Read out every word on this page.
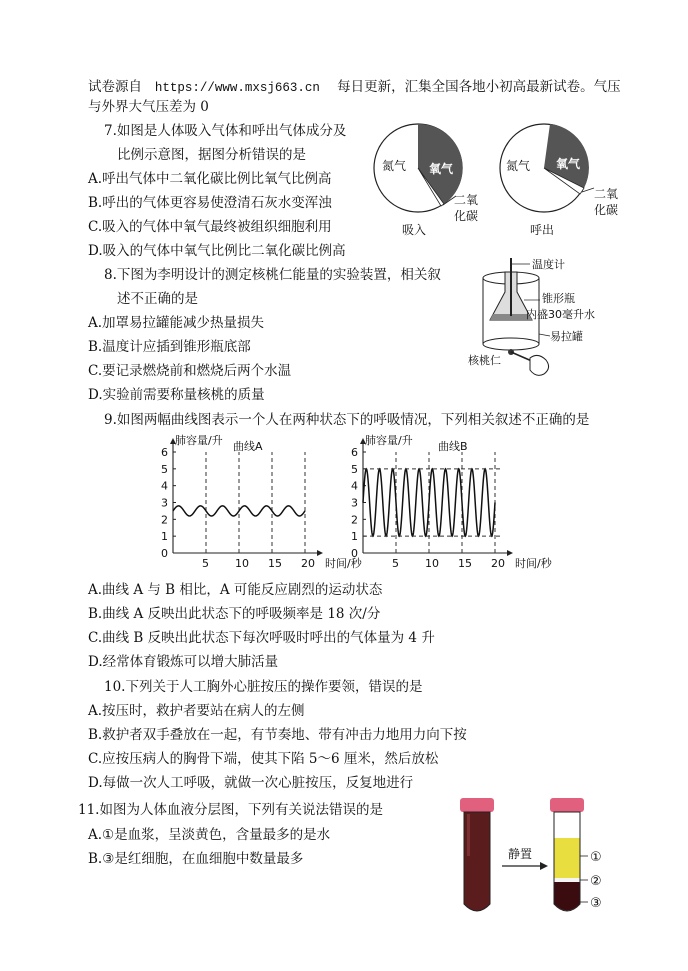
试卷源自 https://www.mxsj663.cn 每日更新，汇集全国各地小初高最新试卷。气压
与外界大气压差为 0
7.如图是人体吸入气体和呼出气体成分及
比例示意图，据图分析错误的是
A.呼出气体中二氧化碳比例比氧气比例高
B.呼出的气体更容易使澄清石灰水变浑浊
C.吸入的气体中氧气最终被组织细胞利用
D.吸入的气体中氧气比例比二氧化碳比例高
氮气 氧气
二氧
化碳
吸入
氮气 氧气
二氧
化碳
呼出
8.下图为李明设计的测定核桃仁能量的实验装置，相关叙
述不正确的是
A.加罩易拉罐能减少热量损失
B.温度计应插到锥形瓶底部
C.要记录燃烧前和燃烧后两个水温
D.实验前需要称量核桃的质量
温度计
锥形瓶
内盛30毫升水
易拉罐
核桃仁
9.如图两幅曲线图表示一个人在两种状态下的呼吸情况，下列相关叙述不正确的是
0
1
2
3
4
5
6
5 10 15 20
肺容量/升
时间/秒
曲线A
0
1
2
3
4
5
6
5 10 15 20
肺容量/升
时间/秒
曲线B
A.曲线 A 与 B 相比，A 可能反应剧烈的运动状态
B.曲线 A 反映出此状态下的呼吸频率是 18 次/分
C.曲线 B 反映出此状态下每次呼吸时呼出的气体量为 4 升
D.经常体育锻炼可以增大肺活量
10.下列关于人工胸外心脏按压的操作要领，错误的是
A.按压时，救护者要站在病人的左侧
B.救护者双手叠放在一起，有节奏地、带有冲击力地用力向下按
C.应按压病人的胸骨下端，使其下陷 5～6 厘米，然后放松
D.每做一次人工呼吸，就做一次心脏按压，反复地进行
11.如图为人体血液分层图，下列有关说法错误的是
A.①是血浆，呈淡黄色，含量最多的是水
B.③是红细胞，在血细胞中数量最多	静置	①
②
③
